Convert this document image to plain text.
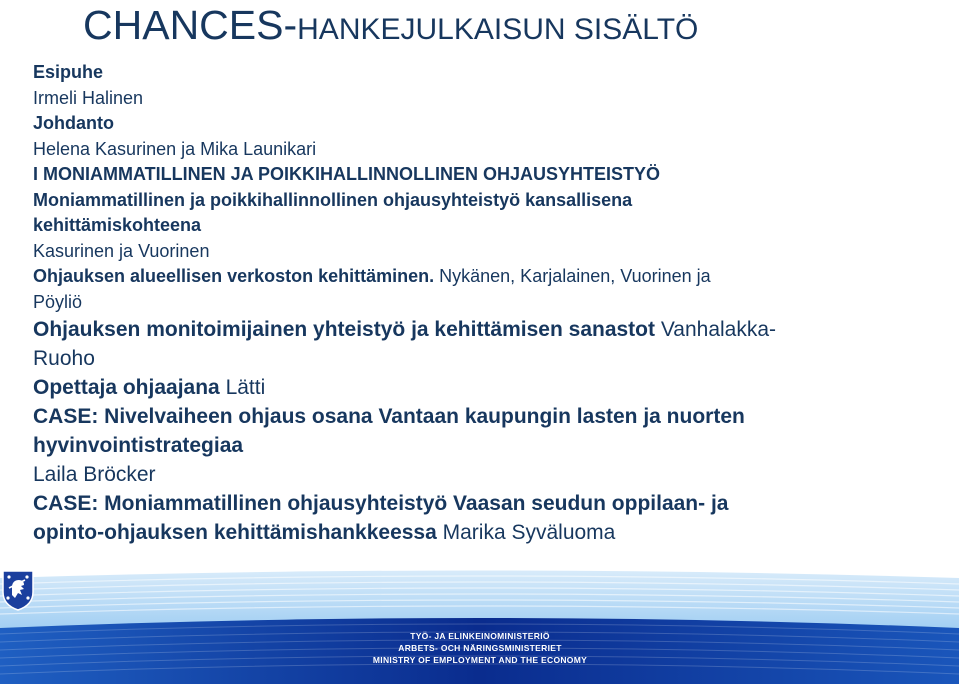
CHANCES-HANKEJULKAISUN SISÄLTÖ
Esipuhe
Irmeli Halinen
Johdanto
Helena Kasurinen ja Mika Launikari
I MONIAMMATILLINEN JA POIKKIHALLINNOLLINEN OHJAUSYHTEISTYÖ
Moniammatillinen ja poikkihallinnollinen ohjausyhteistyö kansallisena
kehittämiskohteena
Kasurinen ja Vuorinen
Ohjauksen alueellisen verkoston kehittäminen. Nykänen, Karjalainen, Vuorinen ja
Pöyliö
Ohjauksen monitoimijainen yhteistyö ja kehittämisen sanastot Vanhalakka-
Ruoho
Opettaja ohjaajana Lätti
CASE: Nivelvaiheen ohjaus osana Vantaan kaupungin lasten ja nuorten
hyvinvointistrategiaa
Laila Bröcker
CASE: Moniammatillinen ohjausyhteistyö Vaasan seudun oppilaan- ja
opinto-ohjauksen kehittämishankkeessa Marika Syväluoma
TYÖ- JA ELINKEINOMINISTERIÖ
ARBETS- OCH NÄRINGSMINISTERIET
MINISTRY OF EMPLOYMENT AND THE ECONOMY
